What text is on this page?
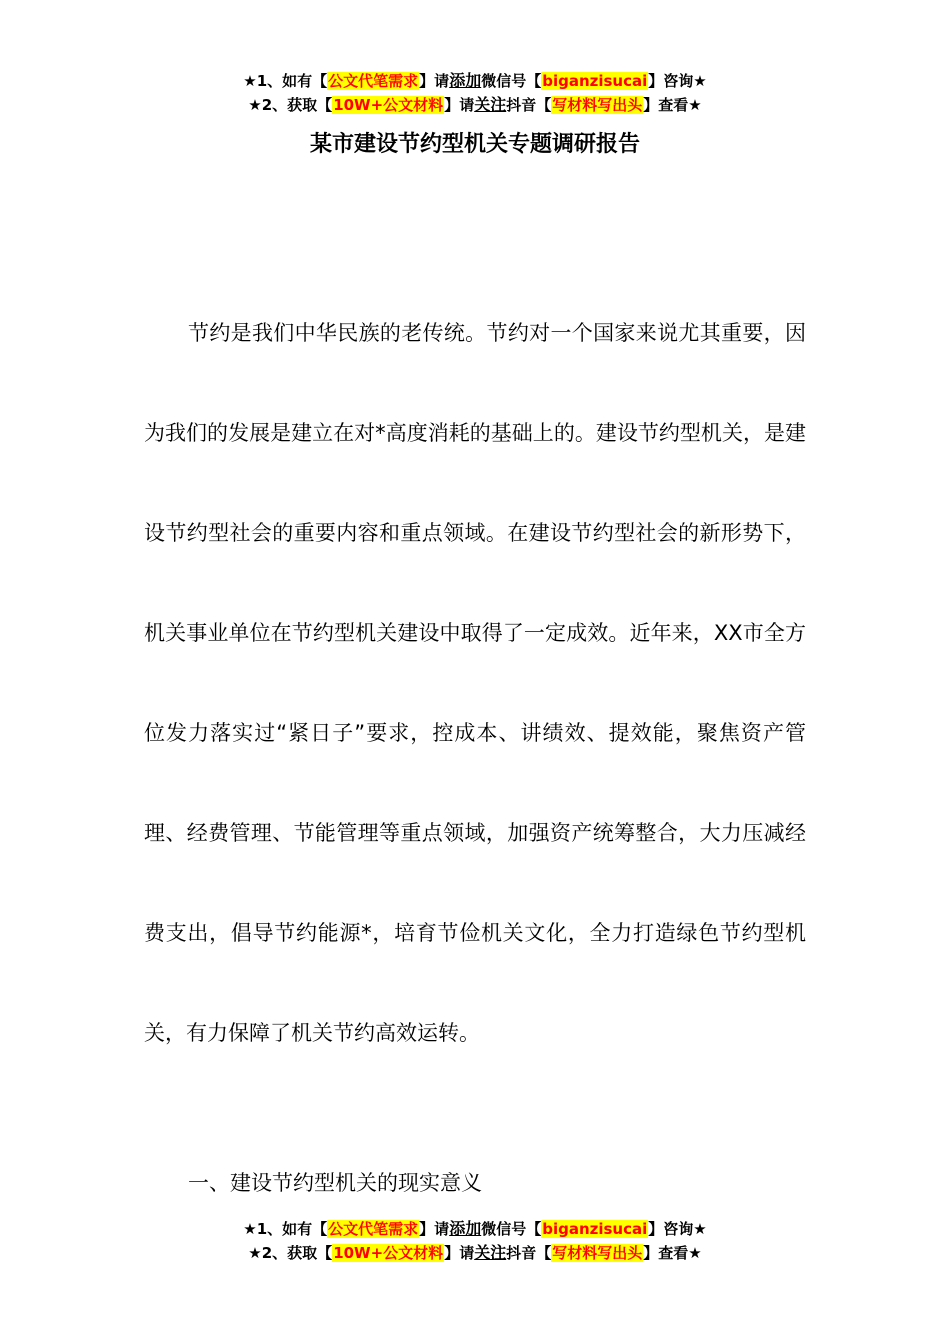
★1、如有【公文代笔需求】请添加微信号【biganzisucai】咨询★
★2、获取【10W+公文材料】请关注抖音【写材料写出头】查看★
某市建设节约型机关专题调研报告

节约是我们中华民族的老传统。节约对一个国家来说尤其重要，因为我们的发展是建立在对*高度消耗的基础上的。建设节约型机关，是建设节约型社会的重要内容和重点领域。在建设节约型社会的新形势下，机关事业单位在节约型机关建设中取得了一定成效。近年来，XX市全方位发力落实过“紧日子”要求，控成本、讲绩效、提效能，聚焦资产管理、经费管理、节能管理等重点领域，加强资产统筹整合，大力压减经费支出，倡导节约能源*，培育节俭机关文化，全力打造绿色节约型机关，有力保障了机关节约高效运转。

一、建设节约型机关的现实意义

★1、如有【公文代笔需求】请添加微信号【biganzisucai】咨询★
★2、获取【10W+公文材料】请关注抖音【写材料写出头】查看★
